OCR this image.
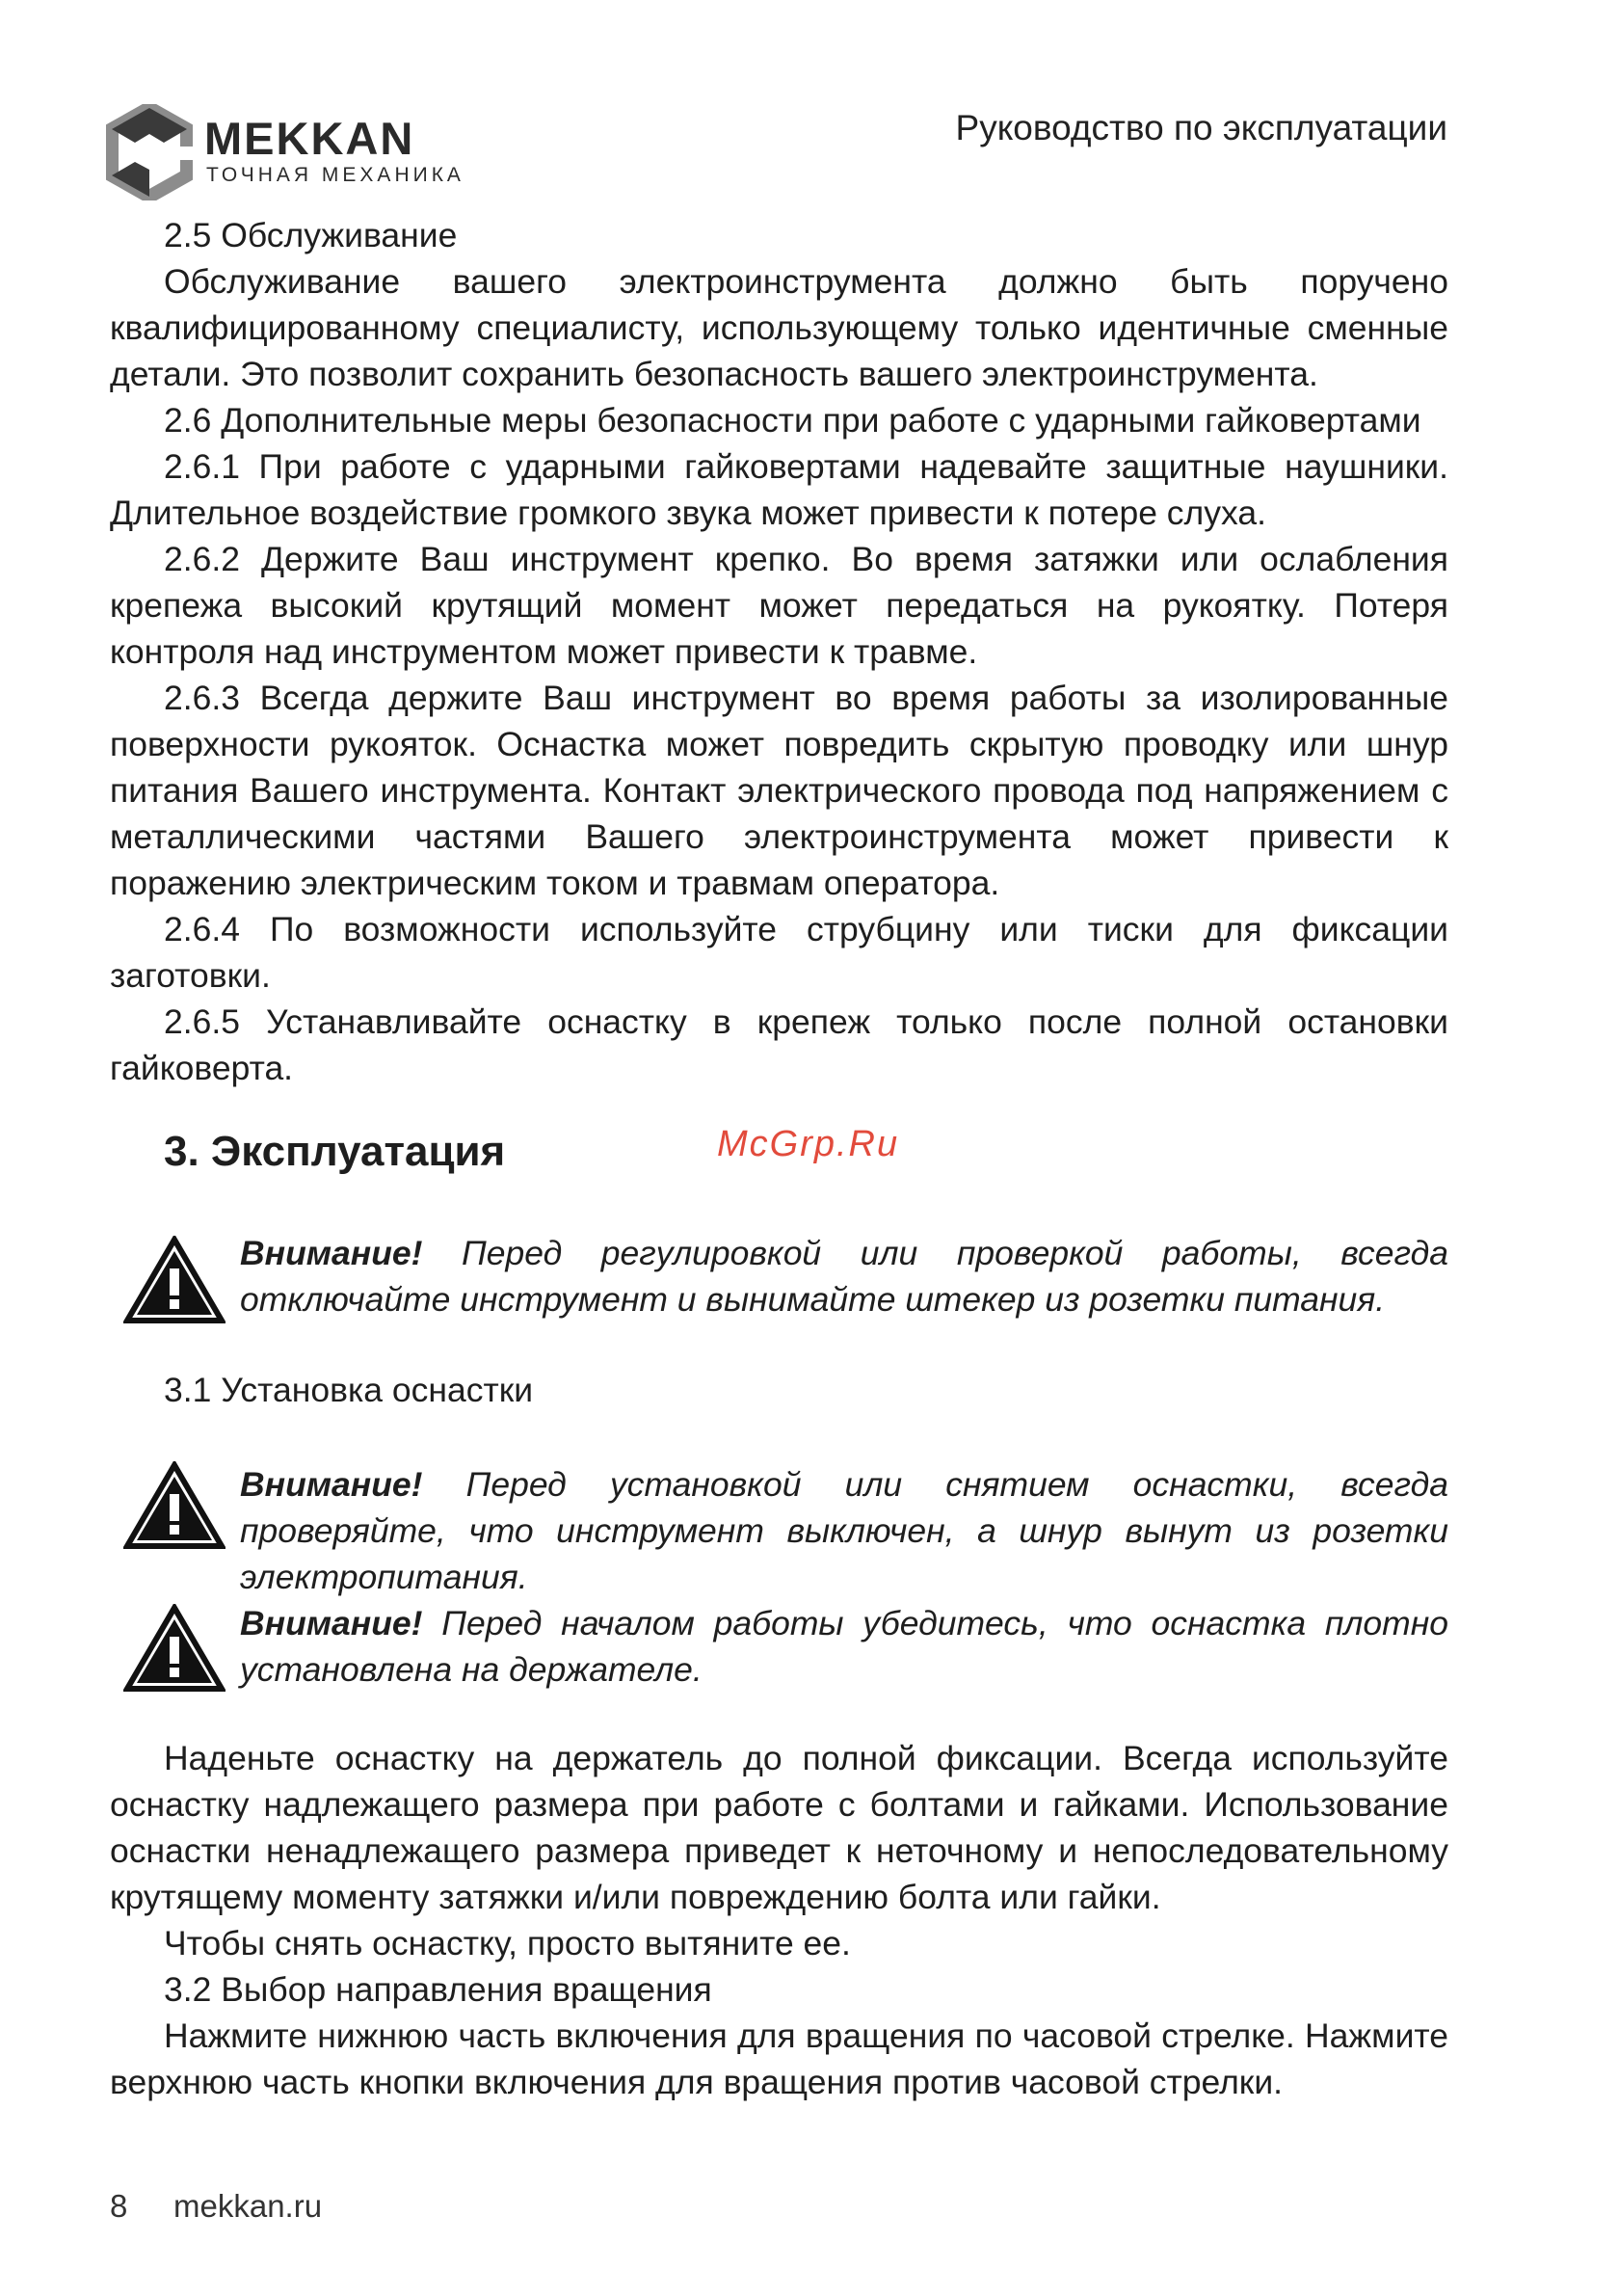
MEKKAN
ТОЧНАЯ МЕХАНИКА
Руководство по эксплуатации

2.5 Обслуживание

Обслуживание вашего электроинструмента должно быть поручено квалифицированному специалисту, использующему только идентичные сменные детали. Это позволит сохранить безопасность вашего электроинструмента.

2.6 Дополнительные меры безопасности при работе с ударными гайковертами

2.6.1 При работе с ударными гайковертами надевайте защитные наушники. Длительное воздействие громкого звука может привести к потере слуха.

2.6.2 Держите Ваш инструмент крепко. Во время затяжки или ослабления крепежа высокий крутящий момент может передаться на рукоятку. Потеря контроля над инструментом может привести к травме.

2.6.3 Всегда держите Ваш инструмент во время работы за изолированные поверхности рукояток. Оснастка может повредить скрытую проводку или шнур питания Вашего инструмента. Контакт электрического провода под напряжением с металлическими частями Вашего электроинструмента может привести к поражению электрическим током и травмам оператора.

2.6.4 По возможности используйте струбцину или тиски для фиксации заготовки.

2.6.5 Устанавливайте оснастку в крепеж только после полной остановки гайковерта.

3. Эксплуатация	McGrp.Ru
Внимание! Перед регулировкой или проверкой работы, всегда отключайте инструмент и вынимайте штекер из розетки питания.
3.1 Установка оснастки
Внимание! Перед установкой или снятием оснастки, всегда проверяйте, что инструмент выключен, а шнур вынут из розетки электропитания.
Внимание! Перед началом работы убедитесь, что оснастка плотно установлена на держателе.

Наденьте оснастку на держатель до полной фиксации. Всегда используйте оснастку надлежащего размера при работе с болтами и гайками. Использование оснастки ненадлежащего размера приведет к неточному и непоследовательному крутящему моменту затяжки и/или повреждению болта или гайки.

Чтобы снять оснастку, просто вытяните ее.

3.2 Выбор направления вращения

Нажмите нижнюю часть включения для вращения по часовой стрелке. Нажмите верхнюю часть кнопки включения для вращения против часовой стрелки.

8 mekkan.ru
